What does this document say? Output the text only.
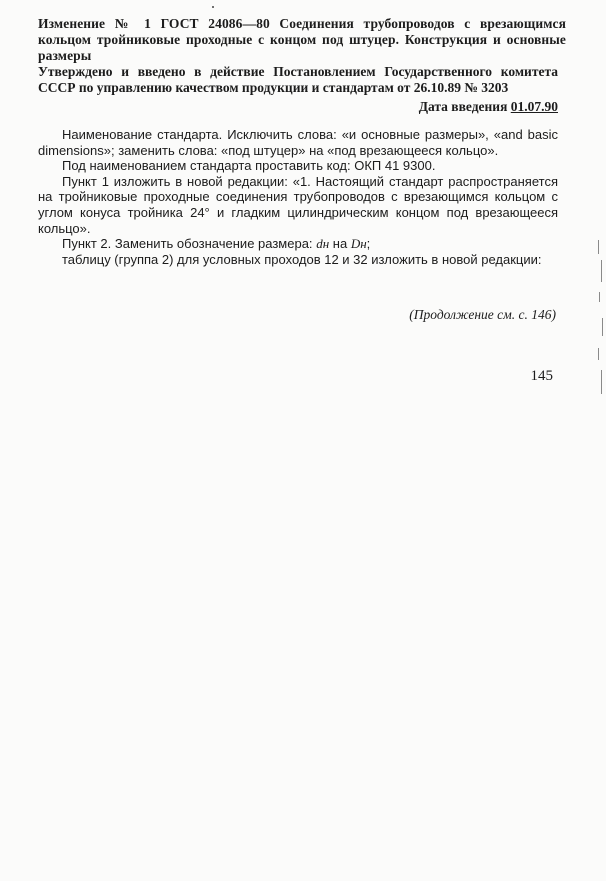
Изменение № 1 ГОСТ 24086—80 Соединения трубопроводов с врезающимся кольцом тройниковые проходные с концом под штуцер. Конструкция и основные размеры
Утверждено и введено в действие Постановлением Государственного комитета СССР по управлению качеством продукции и стандартам от 26.10.89 № 3203
Дата введения 01.07.90

Наименование стандарта. Исключить слова: «и основные размеры», «and basic dimensions»; заменить слова: «под штуцер» на «под врезающееся кольцо».

Под наименованием стандарта проставить код: ОКП 41 9300.

Пункт 1 изложить в новой редакции: «1. Настоящий стандарт распространяется на тройниковые проходные соединения трубопроводов с врезающимся кольцом с углом конуса тройника 24° и гладким цилиндрическим концом под врезающееся кольцо».

Пункт 2. Заменить обозначение размера: dн на Dн;

таблицу (группа 2) для условных проходов 12 и 32 изложить в новой редакции:

(Продолжение см. с. 146)
145
